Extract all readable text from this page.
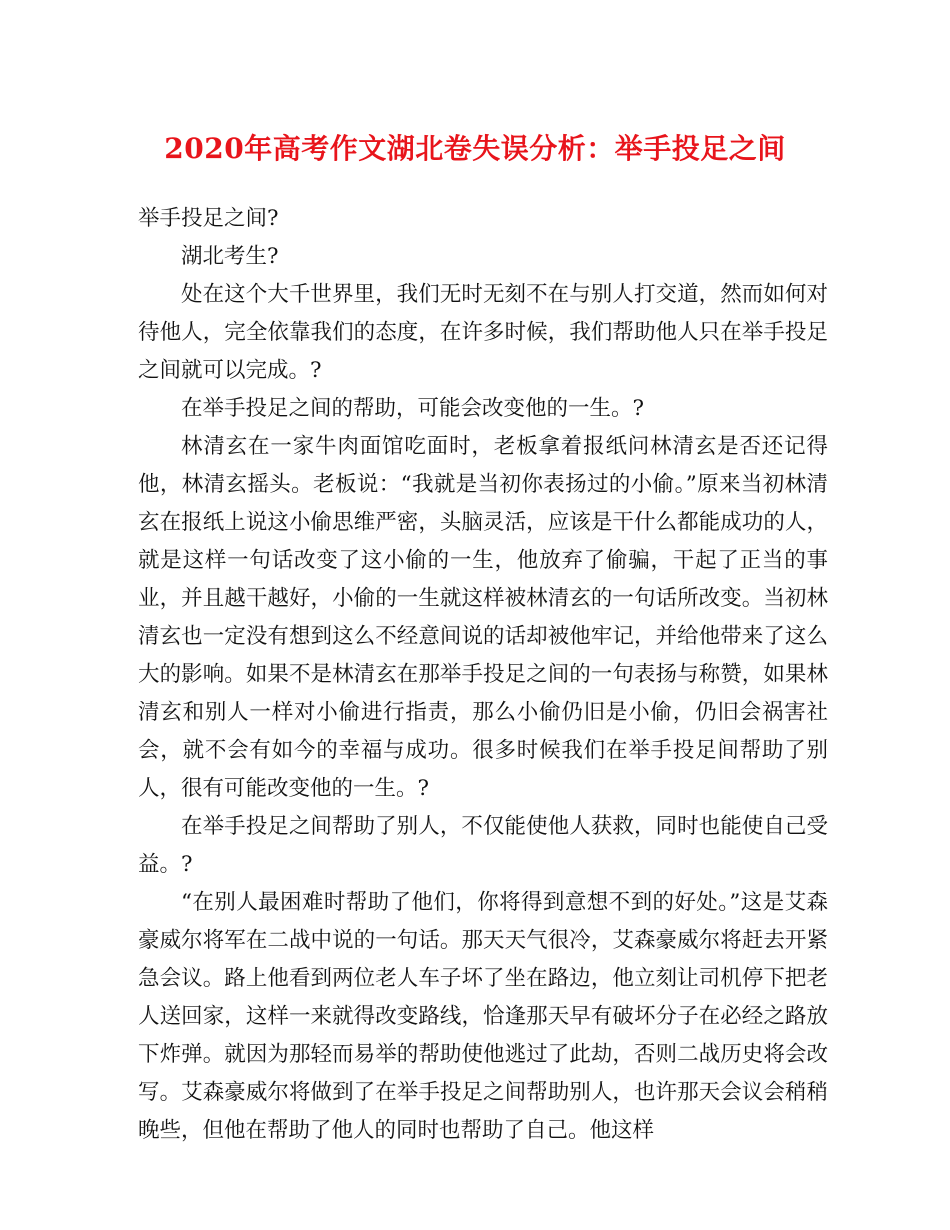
2020年高考作文湖北卷失误分析：举手投足之间

举手投足之间?

湖北考生?

处在这个大千世界里，我们无时无刻不在与别人打交道，然而如何对待他人，完全依靠我们的态度，在许多时候，我们帮助他人只在举手投足之间就可以完成。?

在举手投足之间的帮助，可能会改变他的一生。?

林清玄在一家牛肉面馆吃面时，老板拿着报纸问林清玄是否还记得他，林清玄摇头。老板说：“我就是当初你表扬过的小偷。”原来当初林清玄在报纸上说这小偷思维严密，头脑灵活，应该是干什么都能成功的人，就是这样一句话改变了这小偷的一生，他放弃了偷骗，干起了正当的事业，并且越干越好，小偷的一生就这样被林清玄的一句话所改变。当初林清玄也一定没有想到这么不经意间说的话却被他牢记，并给他带来了这么大的影响。如果不是林清玄在那举手投足之间的一句表扬与称赞，如果林清玄和别人一样对小偷进行指责，那么小偷仍旧是小偷，仍旧会祸害社会，就不会有如今的幸福与成功。很多时候我们在举手投足间帮助了别人，很有可能改变他的一生。?

在举手投足之间帮助了别人，不仅能使他人获救，同时也能使自己受益。?

“在别人最困难时帮助了他们，你将得到意想不到的好处。”这是艾森豪威尔将军在二战中说的一句话。那天天气很冷，艾森豪威尔将赶去开紧急会议。路上他看到两位老人车子坏了坐在路边，他立刻让司机停下把老人送回家，这样一来就得改变路线，恰逢那天早有破坏分子在必经之路放下炸弹。就因为那轻而易举的帮助使他逃过了此劫，否则二战历史将会改写。艾森豪威尔将做到了在举手投足之间帮助别人，也许那天会议会稍稍晚些，但他在帮助了他人的同时也帮助了自己。他这样
